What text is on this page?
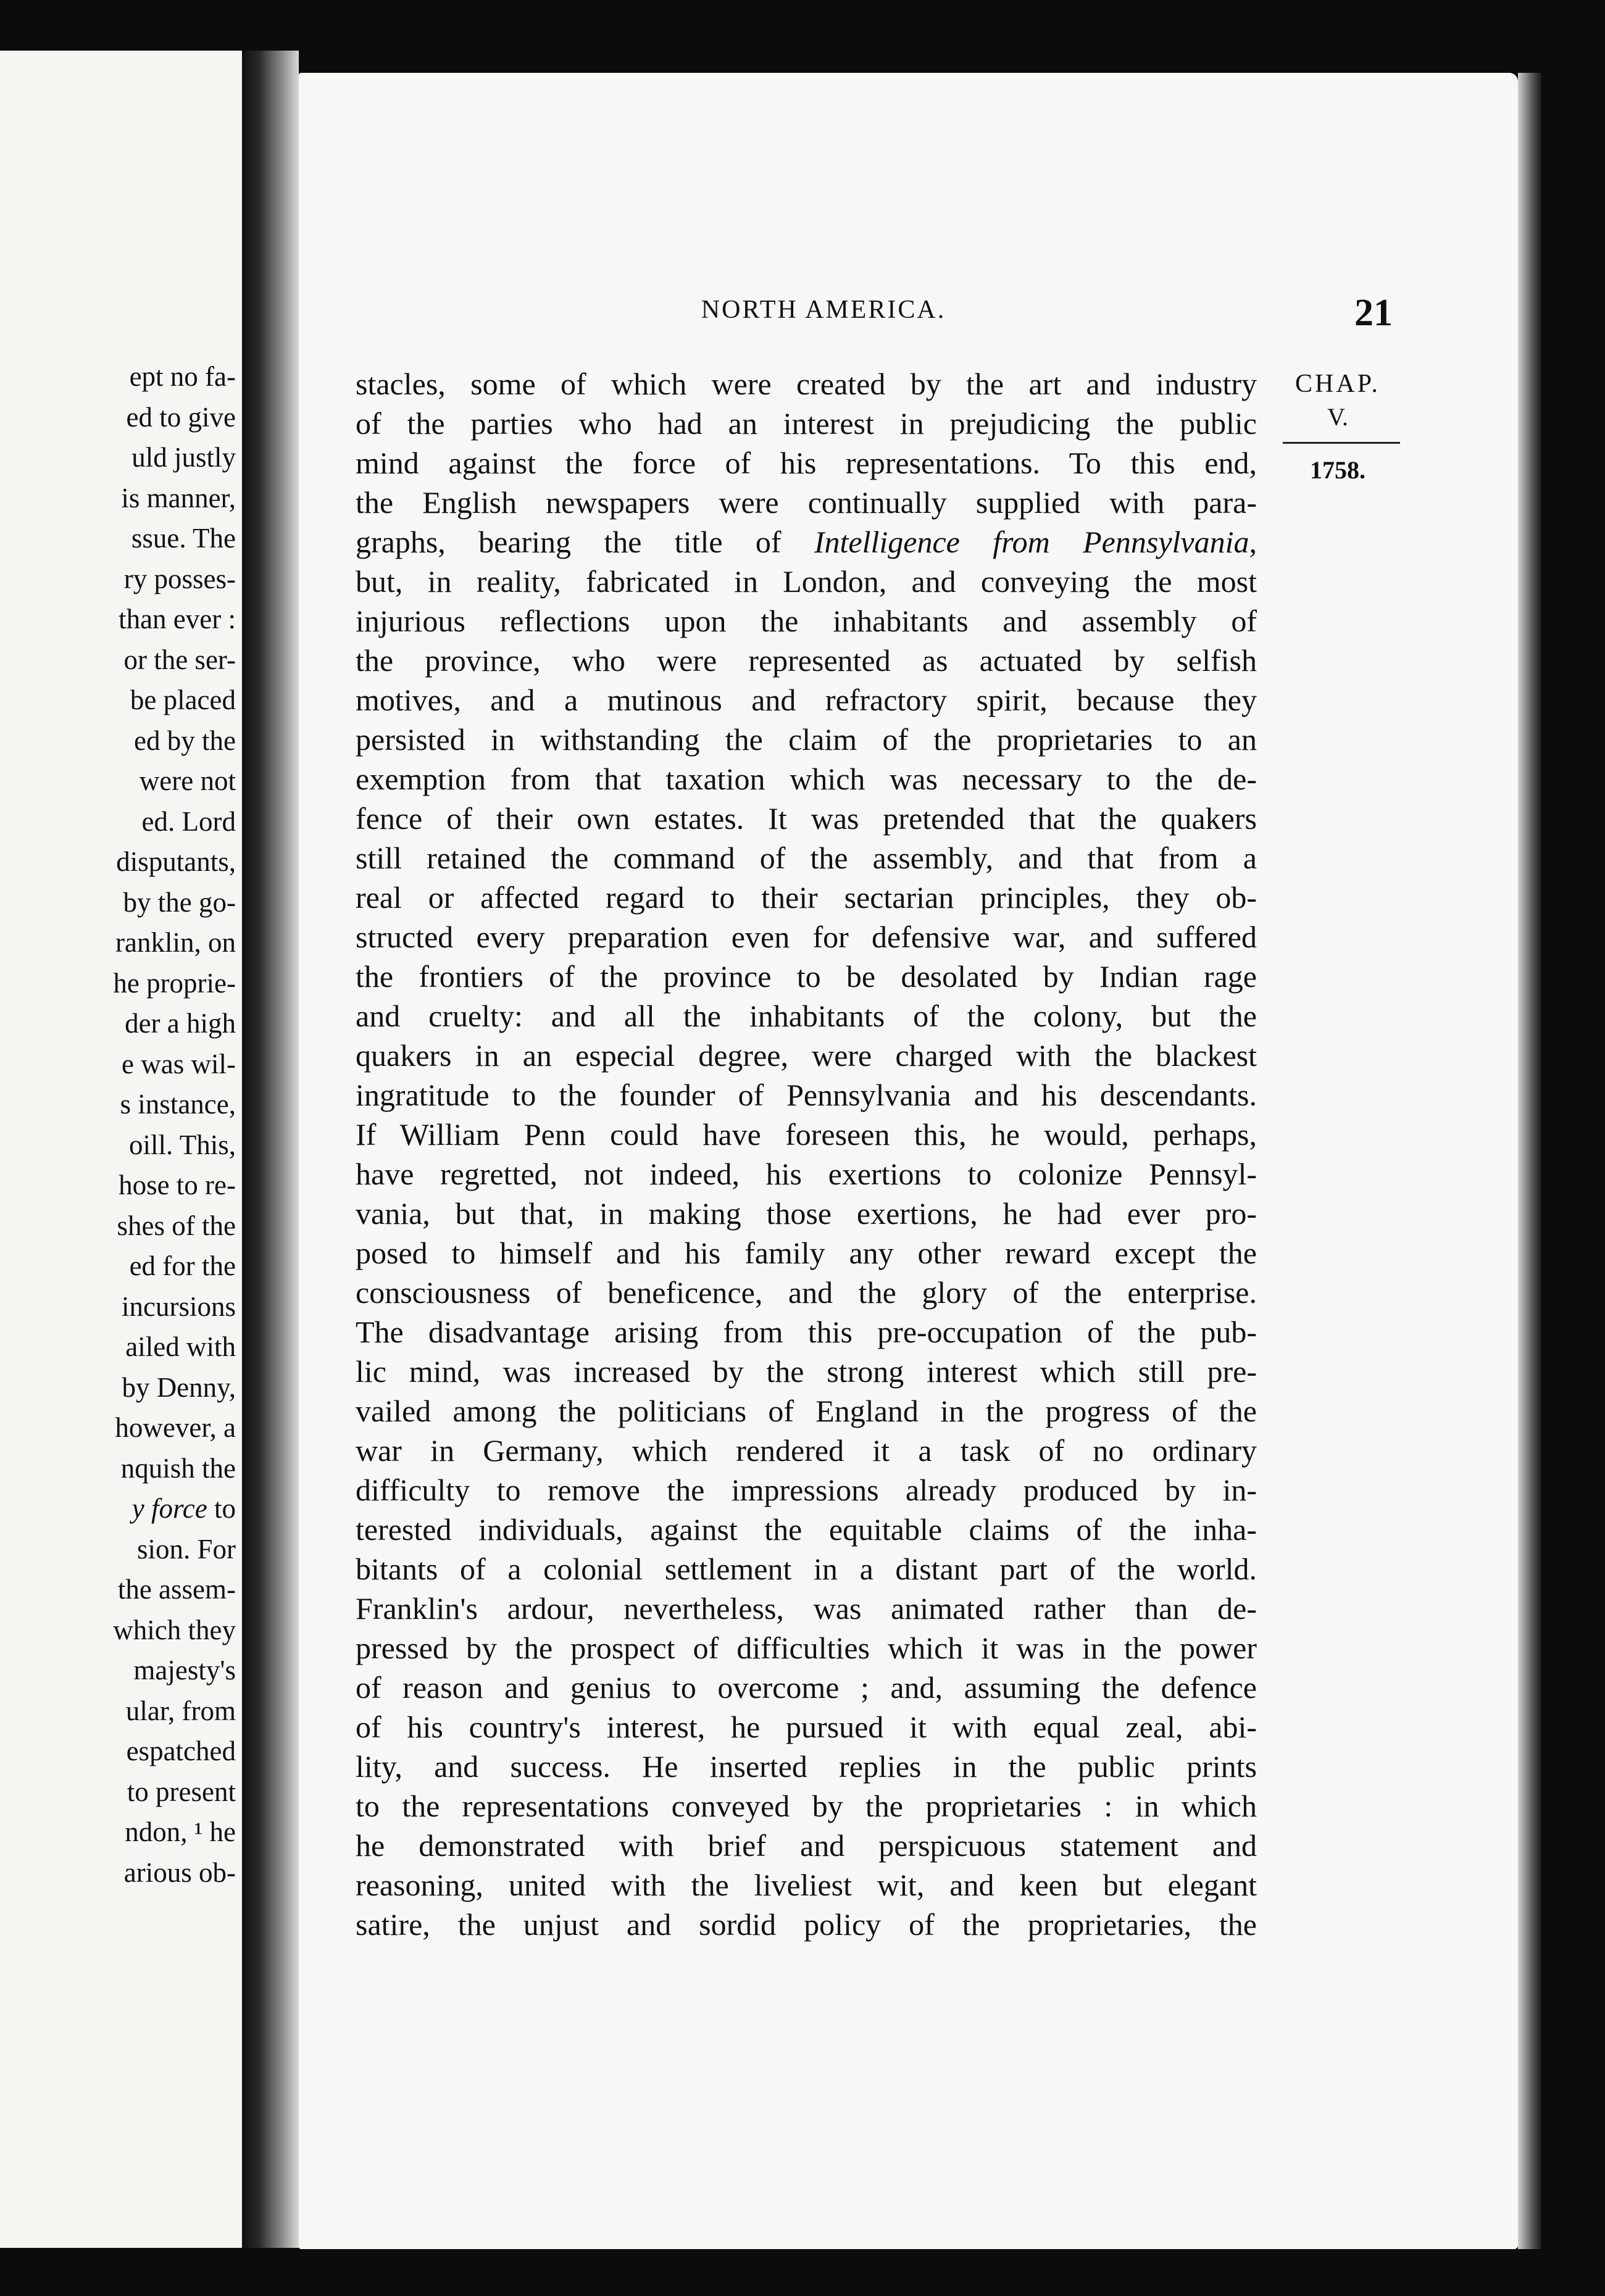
ept no fa-
ed to give
uld justly
is manner,
ssue. The
ry posses-
than ever :
or the ser-
be placed
ed by the
were not
ed. Lord
disputants,
by the go-
ranklin, on
he proprie-
der a high
e was wil-
s instance,
oill. This,
hose to re-
shes of the
ed for the
incursions
ailed with
by Denny,
however, a
nquish the
y force to
sion. For
the assem-
which they
majesty's
ular, from
espatched
to present
ndon, ¹ he
arious ob-
NORTH AMERICA.	21
CHAP.
V.
1758.
stacles, some of which were created by the art and industry
of the parties who had an interest in prejudicing the public
mind against the force of his representations. To this end,
the English newspapers were continually supplied with para-
graphs, bearing the title of Intelligence from Pennsylvania,
but, in reality, fabricated in London, and conveying the most
injurious reflections upon the inhabitants and assembly of
the province, who were represented as actuated by selfish
motives, and a mutinous and refractory spirit, because they
persisted in withstanding the claim of the proprietaries to an
exemption from that taxation which was necessary to the de-
fence of their own estates. It was pretended that the quakers
still retained the command of the assembly, and that from a
real or affected regard to their sectarian principles, they ob-
structed every preparation even for defensive war, and suffered
the frontiers of the province to be desolated by Indian rage
and cruelty: and all the inhabitants of the colony, but the
quakers in an especial degree, were charged with the blackest
ingratitude to the founder of Pennsylvania and his descendants.
If William Penn could have foreseen this, he would, perhaps,
have regretted, not indeed, his exertions to colonize Pennsyl-
vania, but that, in making those exertions, he had ever pro-
posed to himself and his family any other reward except the
consciousness of beneficence, and the glory of the enterprise.
The disadvantage arising from this pre-occupation of the pub-
lic mind, was increased by the strong interest which still pre-
vailed among the politicians of England in the progress of the
war in Germany, which rendered it a task of no ordinary
difficulty to remove the impressions already produced by in-
terested individuals, against the equitable claims of the inha-
bitants of a colonial settlement in a distant part of the world.
Franklin's ardour, nevertheless, was animated rather than de-
pressed by the prospect of difficulties which it was in the power
of reason and genius to overcome ; and, assuming the defence
of his country's interest, he pursued it with equal zeal, abi-
lity, and success. He inserted replies in the public prints
to the representations conveyed by the proprietaries : in which
he demonstrated with brief and perspicuous statement and
reasoning, united with the liveliest wit, and keen but elegant
satire, the unjust and sordid policy of the proprietaries, the
